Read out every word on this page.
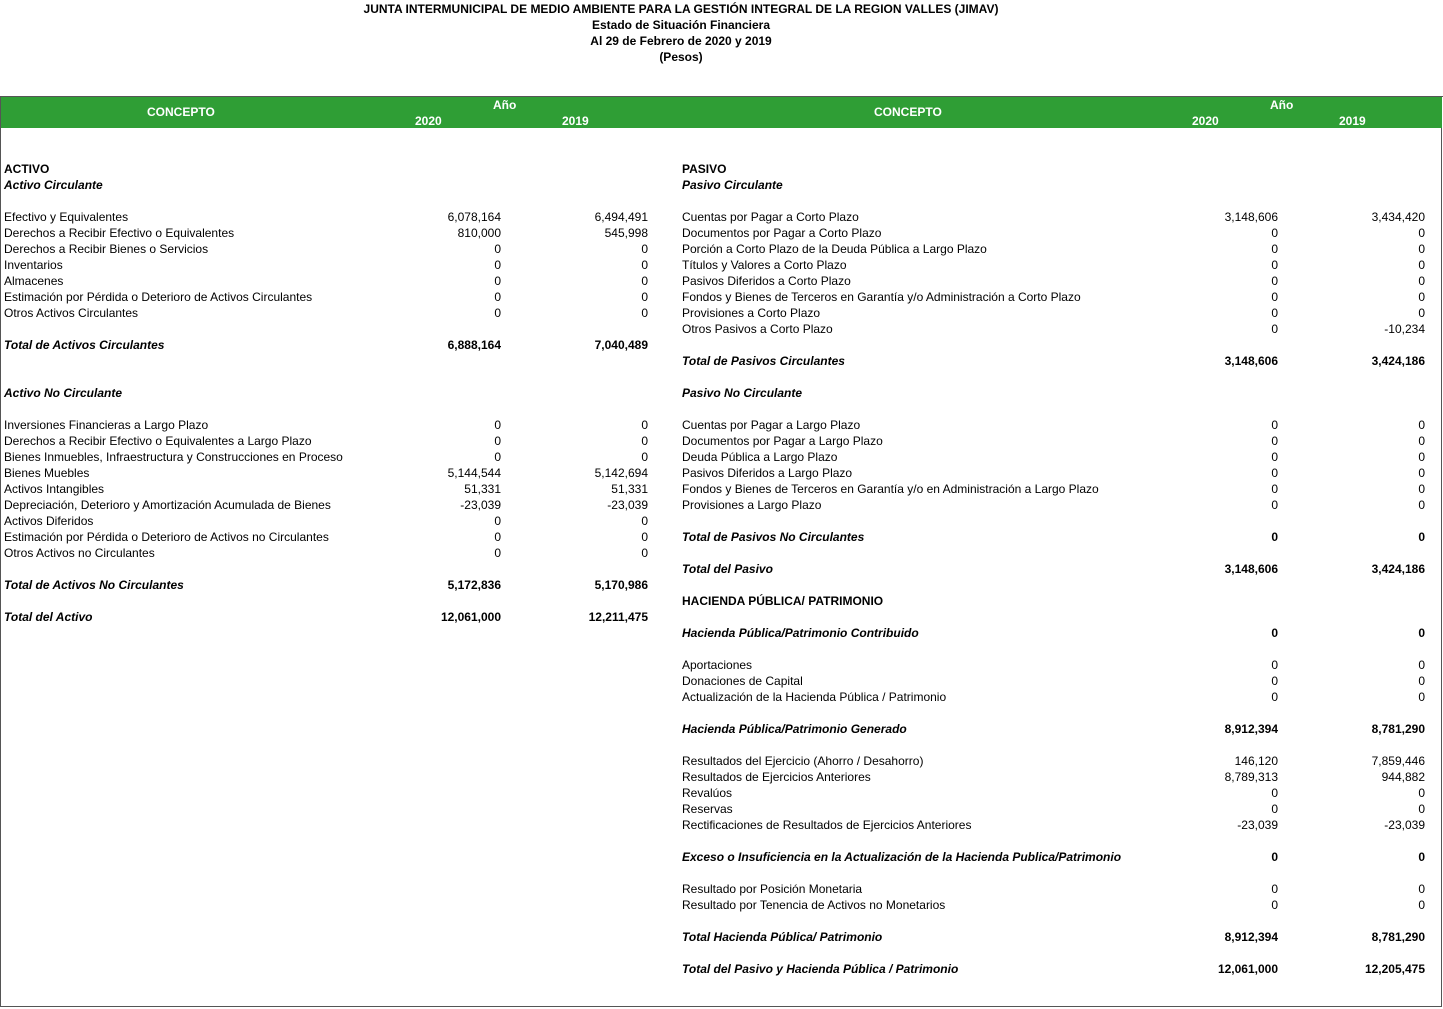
JUNTA INTERMUNICIPAL DE MEDIO AMBIENTE PARA LA GESTIÓN INTEGRAL DE LA REGION VALLES (JIMAV)
Estado de Situación Financiera
Al 29 de Febrero de 2020 y 2019
(Pesos)
CONCEPTO	Año
2020	2019
CONCEPTO	Año
2020	2019
ACTIVO
Activo Circulante
Efectivo y Equivalentes	6,078,164	6,494,491
Derechos a Recibir Efectivo o Equivalentes	810,000	545,998
Derechos a Recibir Bienes o Servicios	0	0
Inventarios	0	0
Almacenes	0	0
Estimación por Pérdida o Deterioro de Activos Circulantes	0	0
Otros Activos Circulantes	0	0
Total de Activos Circulantes	6,888,164	7,040,489
Activo No Circulante
Inversiones Financieras a Largo Plazo	0	0
Derechos a Recibir Efectivo o Equivalentes a Largo Plazo	0	0
Bienes Inmuebles, Infraestructura y Construcciones en Proceso	0	0
Bienes Muebles	5,144,544	5,142,694
Activos Intangibles	51,331	51,331
Depreciación, Deterioro y Amortización Acumulada de Bienes	-23,039	-23,039
Activos Diferidos	0	0
Estimación por Pérdida o Deterioro de Activos no Circulantes	0	0
Otros Activos no Circulantes	0	0
Total de Activos No Circulantes	5,172,836	5,170,986
Total del Activo	12,061,000	12,211,475
PASIVO
Pasivo Circulante
Cuentas por Pagar a Corto Plazo	3,148,606	3,434,420
Documentos por Pagar a Corto Plazo	0	0
Porción a Corto Plazo de la Deuda Pública a Largo Plazo	0	0
Títulos y Valores a Corto Plazo	0	0
Pasivos Diferidos a Corto Plazo	0	0
Fondos y Bienes de Terceros en Garantía y/o Administración a Corto Plazo	0	0
Provisiones a Corto Plazo	0	0
Otros Pasivos a Corto Plazo	0	-10,234
Total de Pasivos Circulantes	3,148,606	3,424,186
Pasivo No Circulante
Cuentas por Pagar a Largo Plazo	0	0
Documentos por Pagar a Largo Plazo	0	0
Deuda Pública a Largo Plazo	0	0
Pasivos Diferidos a Largo Plazo	0	0
Fondos y Bienes de Terceros en Garantía y/o en Administración a Largo Plazo	0	0
Provisiones a Largo Plazo	0	0
Total de Pasivos No Circulantes	0	0
Total del Pasivo	3,148,606	3,424,186
HACIENDA PÚBLICA/ PATRIMONIO
Hacienda Pública/Patrimonio Contribuido	0	0
Aportaciones	0	0
Donaciones de Capital	0	0
Actualización de la Hacienda Pública / Patrimonio	0	0
Hacienda Pública/Patrimonio Generado	8,912,394	8,781,290
Resultados del Ejercicio (Ahorro / Desahorro)	146,120	7,859,446
Resultados de Ejercicios Anteriores	8,789,313	944,882
Revalúos	0	0
Reservas	0	0
Rectificaciones de Resultados de Ejercicios Anteriores	-23,039	-23,039
Exceso o Insuficiencia en la Actualización de la Hacienda Publica/Patrimonio	0	0
Resultado por Posición Monetaria	0	0
Resultado por Tenencia de Activos no Monetarios	0	0
Total Hacienda Pública/ Patrimonio	8,912,394	8,781,290
Total del Pasivo y Hacienda Pública / Patrimonio	12,061,000	12,205,475
